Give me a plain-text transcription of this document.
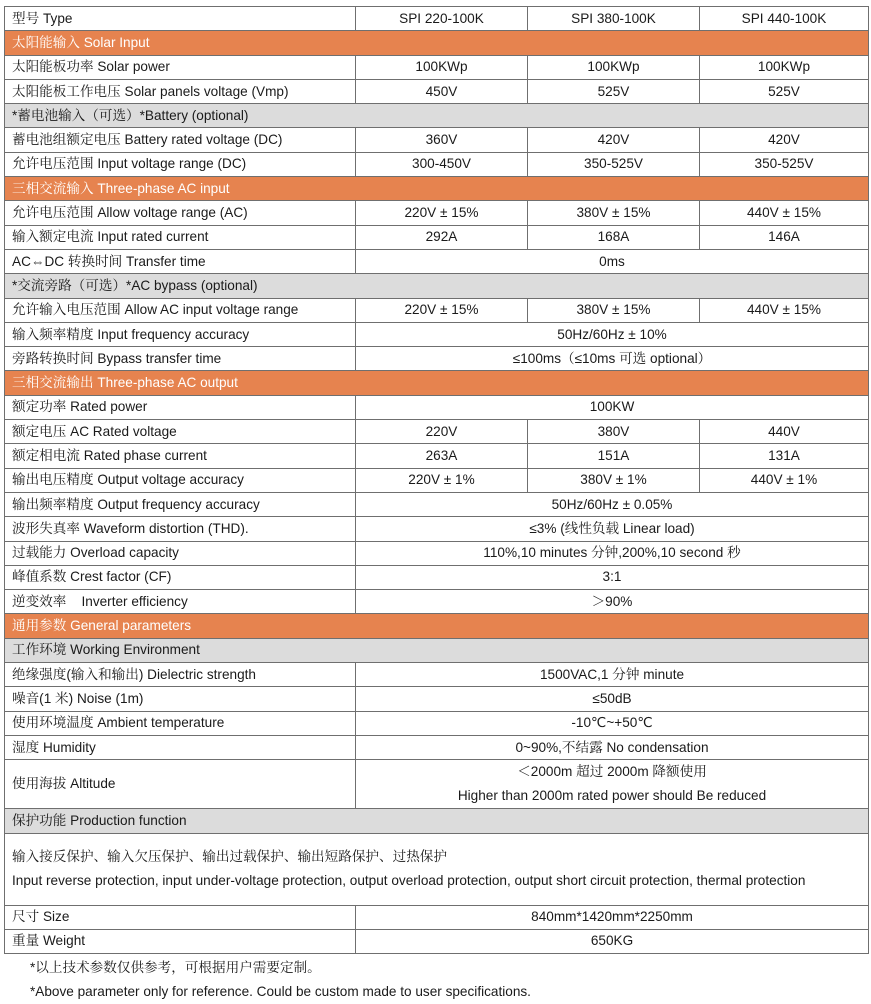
型号 Type	SPI 220-100K	SPI 380-100K	SPI 440-100K
太阳能输入 Solar Input			
太阳能板功率 Solar power	100KWp	100KWp	100KWp
太阳能板工作电压 Solar panels voltage (Vmp)	450V	525V	525V
*蓄电池输入（可选）*Battery (optional)			
蓄电池组额定电压 Battery rated voltage (DC)	360V	420V	420V
允许电压范围 Input voltage range (DC)	300-450V	350-525V	350-525V
三相交流输入 Three-phase AC input			
允许电压范围 Allow voltage range (AC)	220V ± 15%	380V ± 15%	440V ± 15%
输入额定电流 Input rated current	292A	168A	146A
AC⇔DC 转换时间 Transfer time	0ms		
*交流旁路（可选）*AC bypass (optional)			
允许输入电压范围 Allow AC input voltage range	220V ± 15%	380V ± 15%	440V ± 15%
输入频率精度 Input frequency accuracy	50Hz/60Hz ± 10%		
旁路转换时间 Bypass transfer time	≤100ms（≤10ms 可选 optional）		
三相交流输出 Three-phase AC output			
额定功率 Rated power	100KW		
额定电压 AC Rated voltage	220V	380V	440V
额定相电流 Rated phase current	263A	151A	131A
输出电压精度 Output voltage accuracy	220V ± 1%	380V ± 1%	440V ± 1%
输出频率精度 Output frequency accuracy	50Hz/60Hz ± 0.05%		
波形失真率 Waveform distortion (THD).	≤3% (线性负载 Linear load)		
过载能力 Overload capacity	110%,10 minutes 分钟,200%,10 second 秒		
峰值系数 Crest factor (CF)	3:1		
逆变效率    Inverter efficiency	＞90%		
通用参数 General parameters			
工作环境 Working Environment			
绝缘强度(输入和输出) Dielectric strength	1500VAC,1 分钟 minute		
噪音(1 米) Noise (1m)	≤50dB		
使用环境温度 Ambient temperature	-10℃~+50℃		
湿度 Humidity	0~90%,不结露 No condensation		
使用海拔 Altitude	＜2000m 超过 2000m 降额使用
Higher than 2000m rated power should Be reduced		

保护功能 Production function			

输入接反保护、输入欠压保护、输出过载保护、输出短路保护、过热保护
Input reverse protection, input under-voltage protection, output overload protection, output short circuit protection, thermal protection			

尺寸 Size	840mm*1420mm*2250mm		
重量 Weight	650KG		
*以上技术参数仅供参考，可根据用户需要定制。
*Above parameter only for reference. Could be custom made to user specifications.
